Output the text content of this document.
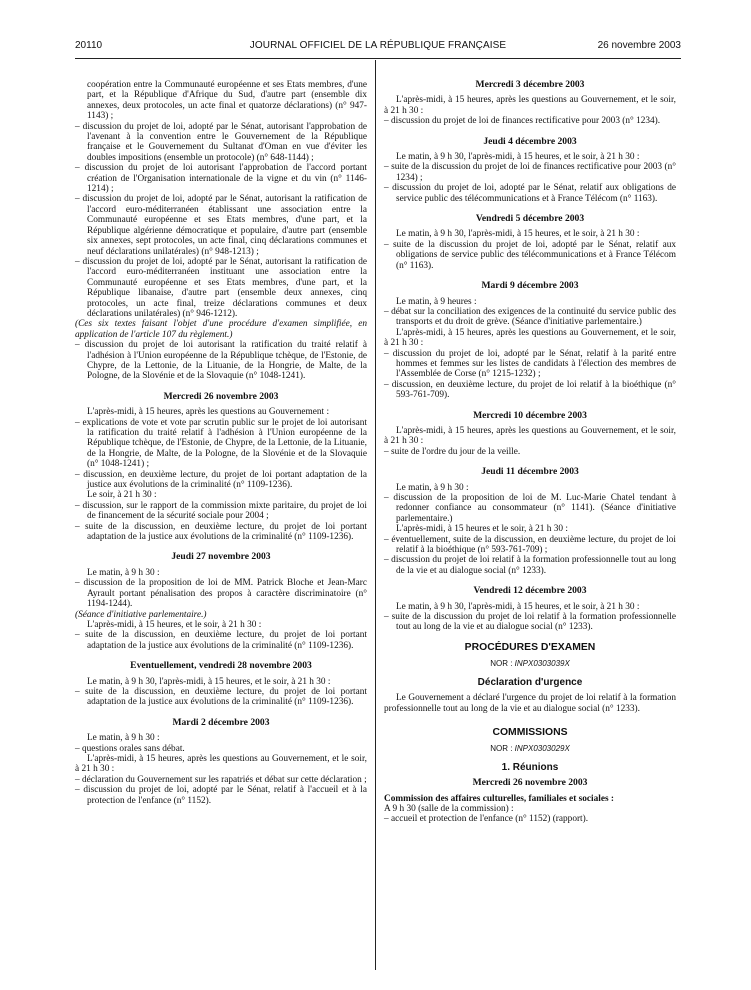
20110	JOURNAL OFFICIEL DE LA RÉPUBLIQUE FRANÇAISE	26 novembre 2003

coopération entre la Communauté européenne et ses Etats membres, d'une part, et la République d'Afrique du Sud, d'autre part (ensemble dix annexes, deux protocoles, un acte final et quatorze déclarations) (n° 947-1143) ;

– discussion du projet de loi, adopté par le Sénat, autorisant l'approbation de l'avenant à la convention entre le Gouvernement de la République française et le Gouvernement du Sultanat d'Oman en vue d'éviter les doubles impositions (ensemble un protocole) (n° 648-1144) ;

– discussion du projet de loi autorisant l'approbation de l'accord portant création de l'Organisation internationale de la vigne et du vin (n° 1146-1214) ;

– discussion du projet de loi, adopté par le Sénat, autorisant la ratification de l'accord euro-méditerranéen établissant une association entre la Communauté européenne et ses Etats membres, d'une part, et la République algérienne démocratique et populaire, d'autre part (ensemble six annexes, sept protocoles, un acte final, cinq déclarations communes et neuf déclarations unilatérales) (n° 948-1213) ;

– discussion du projet de loi, adopté par le Sénat, autorisant la ratification de l'accord euro-méditerranéen instituant une association entre la Communauté européenne et ses Etats membres, d'une part, et la République libanaise, d'autre part (ensemble deux annexes, cinq protocoles, un acte final, treize déclarations communes et deux déclarations unilatérales) (n° 946-1212).

(Ces six textes faisant l'objet d'une procédure d'examen simplifiée, en application de l'article 107 du règlement.)

– discussion du projet de loi autorisant la ratification du traité relatif à l'adhésion à l'Union européenne de la République tchèque, de l'Estonie, de Chypre, de la Lettonie, de la Lituanie, de la Hongrie, de Malte, de la Pologne, de la Slovénie et de la Slovaquie (n° 1048-1241).

Mercredi 26 novembre 2003

L'après-midi, à 15 heures, après les questions au Gouvernement :

– explications de vote et vote par scrutin public sur le projet de loi autorisant la ratification du traité relatif à l'adhésion à l'Union européenne de la République tchèque, de l'Estonie, de Chypre, de la Lettonie, de la Lituanie, de la Hongrie, de Malte, de la Pologne, de la Slovénie et de la Slovaquie (n° 1048-1241) ;

– discussion, en deuxième lecture, du projet de loi portant adaptation de la justice aux évolutions de la criminalité (n° 1109-1236).

Le soir, à 21 h 30 :

– discussion, sur le rapport de la commission mixte paritaire, du projet de loi de financement de la sécurité sociale pour 2004 ;

– suite de la discussion, en deuxième lecture, du projet de loi portant adaptation de la justice aux évolutions de la criminalité (n° 1109-1236).

Jeudi 27 novembre 2003

Le matin, à 9 h 30 :

– discussion de la proposition de loi de MM. Patrick Bloche et Jean-Marc Ayrault portant pénalisation des propos à caractère discriminatoire (n° 1194-1244).

(Séance d'initiative parlementaire.)

L'après-midi, à 15 heures, et le soir, à 21 h 30 :

– suite de la discussion, en deuxième lecture, du projet de loi portant adaptation de la justice aux évolutions de la criminalité (n° 1109-1236).

Eventuellement, vendredi 28 novembre 2003

Le matin, à 9 h 30, l'après-midi, à 15 heures, et le soir, à 21 h 30 :

– suite de la discussion, en deuxième lecture, du projet de loi portant adaptation de la justice aux évolutions de la criminalité (n° 1109-1236).

Mardi 2 décembre 2003

Le matin, à 9 h 30 :

– questions orales sans débat.

L'après-midi, à 15 heures, après les questions au Gouvernement, et le soir, à 21 h 30 :

– déclaration du Gouvernement sur les rapatriés et débat sur cette déclaration ;

– discussion du projet de loi, adopté par le Sénat, relatif à l'accueil et à la protection de l'enfance (n° 1152).

Mercredi 3 décembre 2003

L'après-midi, à 15 heures, après les questions au Gouvernement, et le soir, à 21 h 30 :

– discussion du projet de loi de finances rectificative pour 2003 (n° 1234).

Jeudi 4 décembre 2003

Le matin, à 9 h 30, l'après-midi, à 15 heures, et le soir, à 21 h 30 :

– suite de la discussion du projet de loi de finances rectificative pour 2003 (n° 1234) ;

– discussion du projet de loi, adopté par le Sénat, relatif aux obligations de service public des télécommunications et à France Télécom (n° 1163).

Vendredi 5 décembre 2003

Le matin, à 9 h 30, l'après-midi, à 15 heures, et le soir, à 21 h 30 :

– suite de la discussion du projet de loi, adopté par le Sénat, relatif aux obligations de service public des télécommunications et à France Télécom (n° 1163).

Mardi 9 décembre 2003

Le matin, à 9 heures :

– débat sur la conciliation des exigences de la continuité du service public des transports et du droit de grève. (Séance d'initiative parlementaire.)

L'après-midi, à 15 heures, après les questions au Gouvernement, et le soir, à 21 h 30 :

– discussion du projet de loi, adopté par le Sénat, relatif à la parité entre hommes et femmes sur les listes de candidats à l'élection des membres de l'Assemblée de Corse (n° 1215-1232) ;

– discussion, en deuxième lecture, du projet de loi relatif à la bioéthique (n° 593-761-709).

Mercredi 10 décembre 2003

L'après-midi, à 15 heures, après les questions au Gouvernement, et le soir, à 21 h 30 :

– suite de l'ordre du jour de la veille.

Jeudi 11 décembre 2003

Le matin, à 9 h 30 :

– discussion de la proposition de loi de M. Luc-Marie Chatel tendant à redonner confiance au consommateur (n° 1141). (Séance d'initiative parlementaire.)

L'après-midi, à 15 heures et le soir, à 21 h 30 :

– éventuellement, suite de la discussion, en deuxième lecture, du projet de loi relatif à la bioéthique (n° 593-761-709) ;

– discussion du projet de loi relatif à la formation professionnelle tout au long de la vie et au dialogue social (n° 1233).

Vendredi 12 décembre 2003

Le matin, à 9 h 30, l'après-midi, à 15 heures, et le soir, à 21 h 30 :

– suite de la discussion du projet de loi relatif à la formation professionnelle tout au long de la vie et au dialogue social (n° 1233).

PROCÉDURES D'EXAMEN
NOR : INPX0303039X
Déclaration d'urgence

Le Gouvernement a déclaré l'urgence du projet de loi relatif à la formation professionnelle tout au long de la vie et au dialogue social (n° 1233).

COMMISSIONS
NOR : INPX0303029X
1. Réunions
Mercredi 26 novembre 2003

Commission des affaires culturelles, familiales et sociales :

A 9 h 30 (salle de la commission) :

– accueil et protection de l'enfance (n° 1152) (rapport).
